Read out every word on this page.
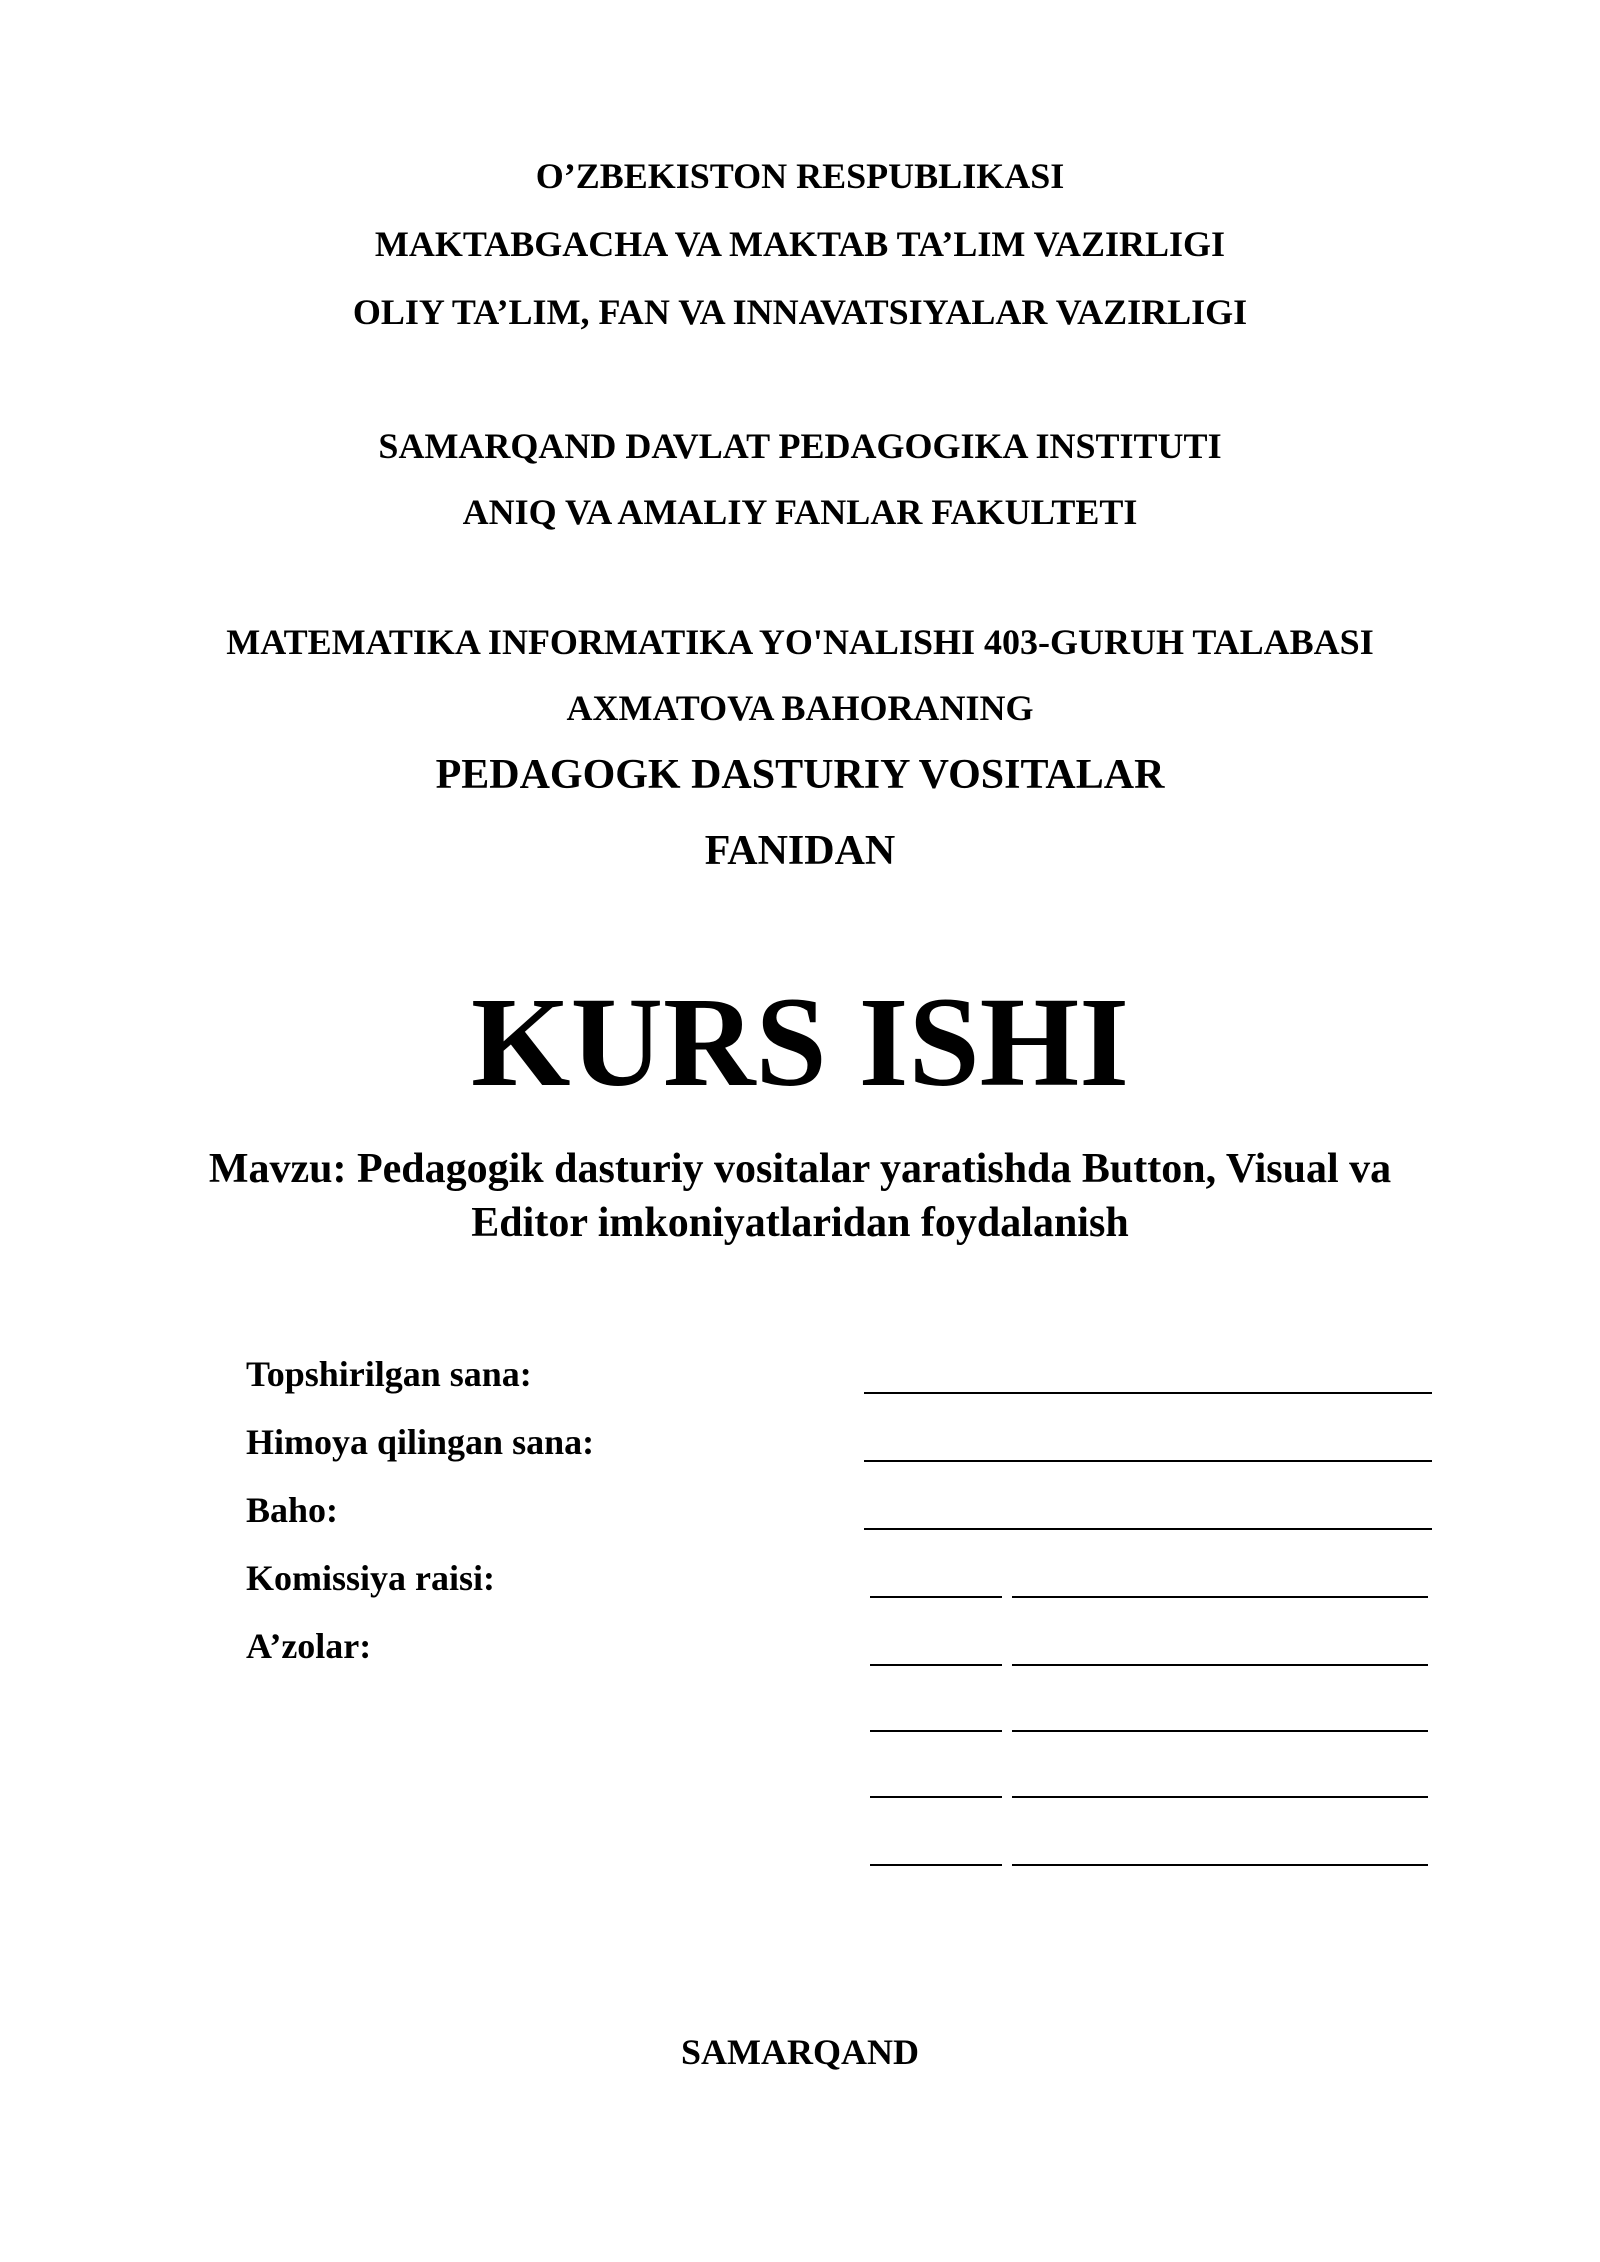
O’ZBEKISTON RESPUBLIKASI
MAKTABGACHA VA MAKTAB TA’LIM VAZIRLIGI
OLIY TA’LIM, FAN VA INNAVATSIYALAR VAZIRLIGI
SAMARQAND DAVLAT PEDAGOGIKA INSTITUTI
ANIQ VA AMALIY FANLAR FAKULTETI
MATEMATIKA INFORMATIKA YO'NALISHI 403-GURUH TALABASI
AXMATOVA BAHORANING
PEDAGOGK DASTURIY VOSITALAR
FANIDAN
KURS ISHI
Mavzu: Pedagogik dasturiy vositalar yaratishda Button, Visual va
Editor imkoniyatlaridan foydalanish
Topshirilgan sana:
Himoya qilingan sana:
Baho:
Komissiya raisi:
A’zolar:
SAMARQAND
